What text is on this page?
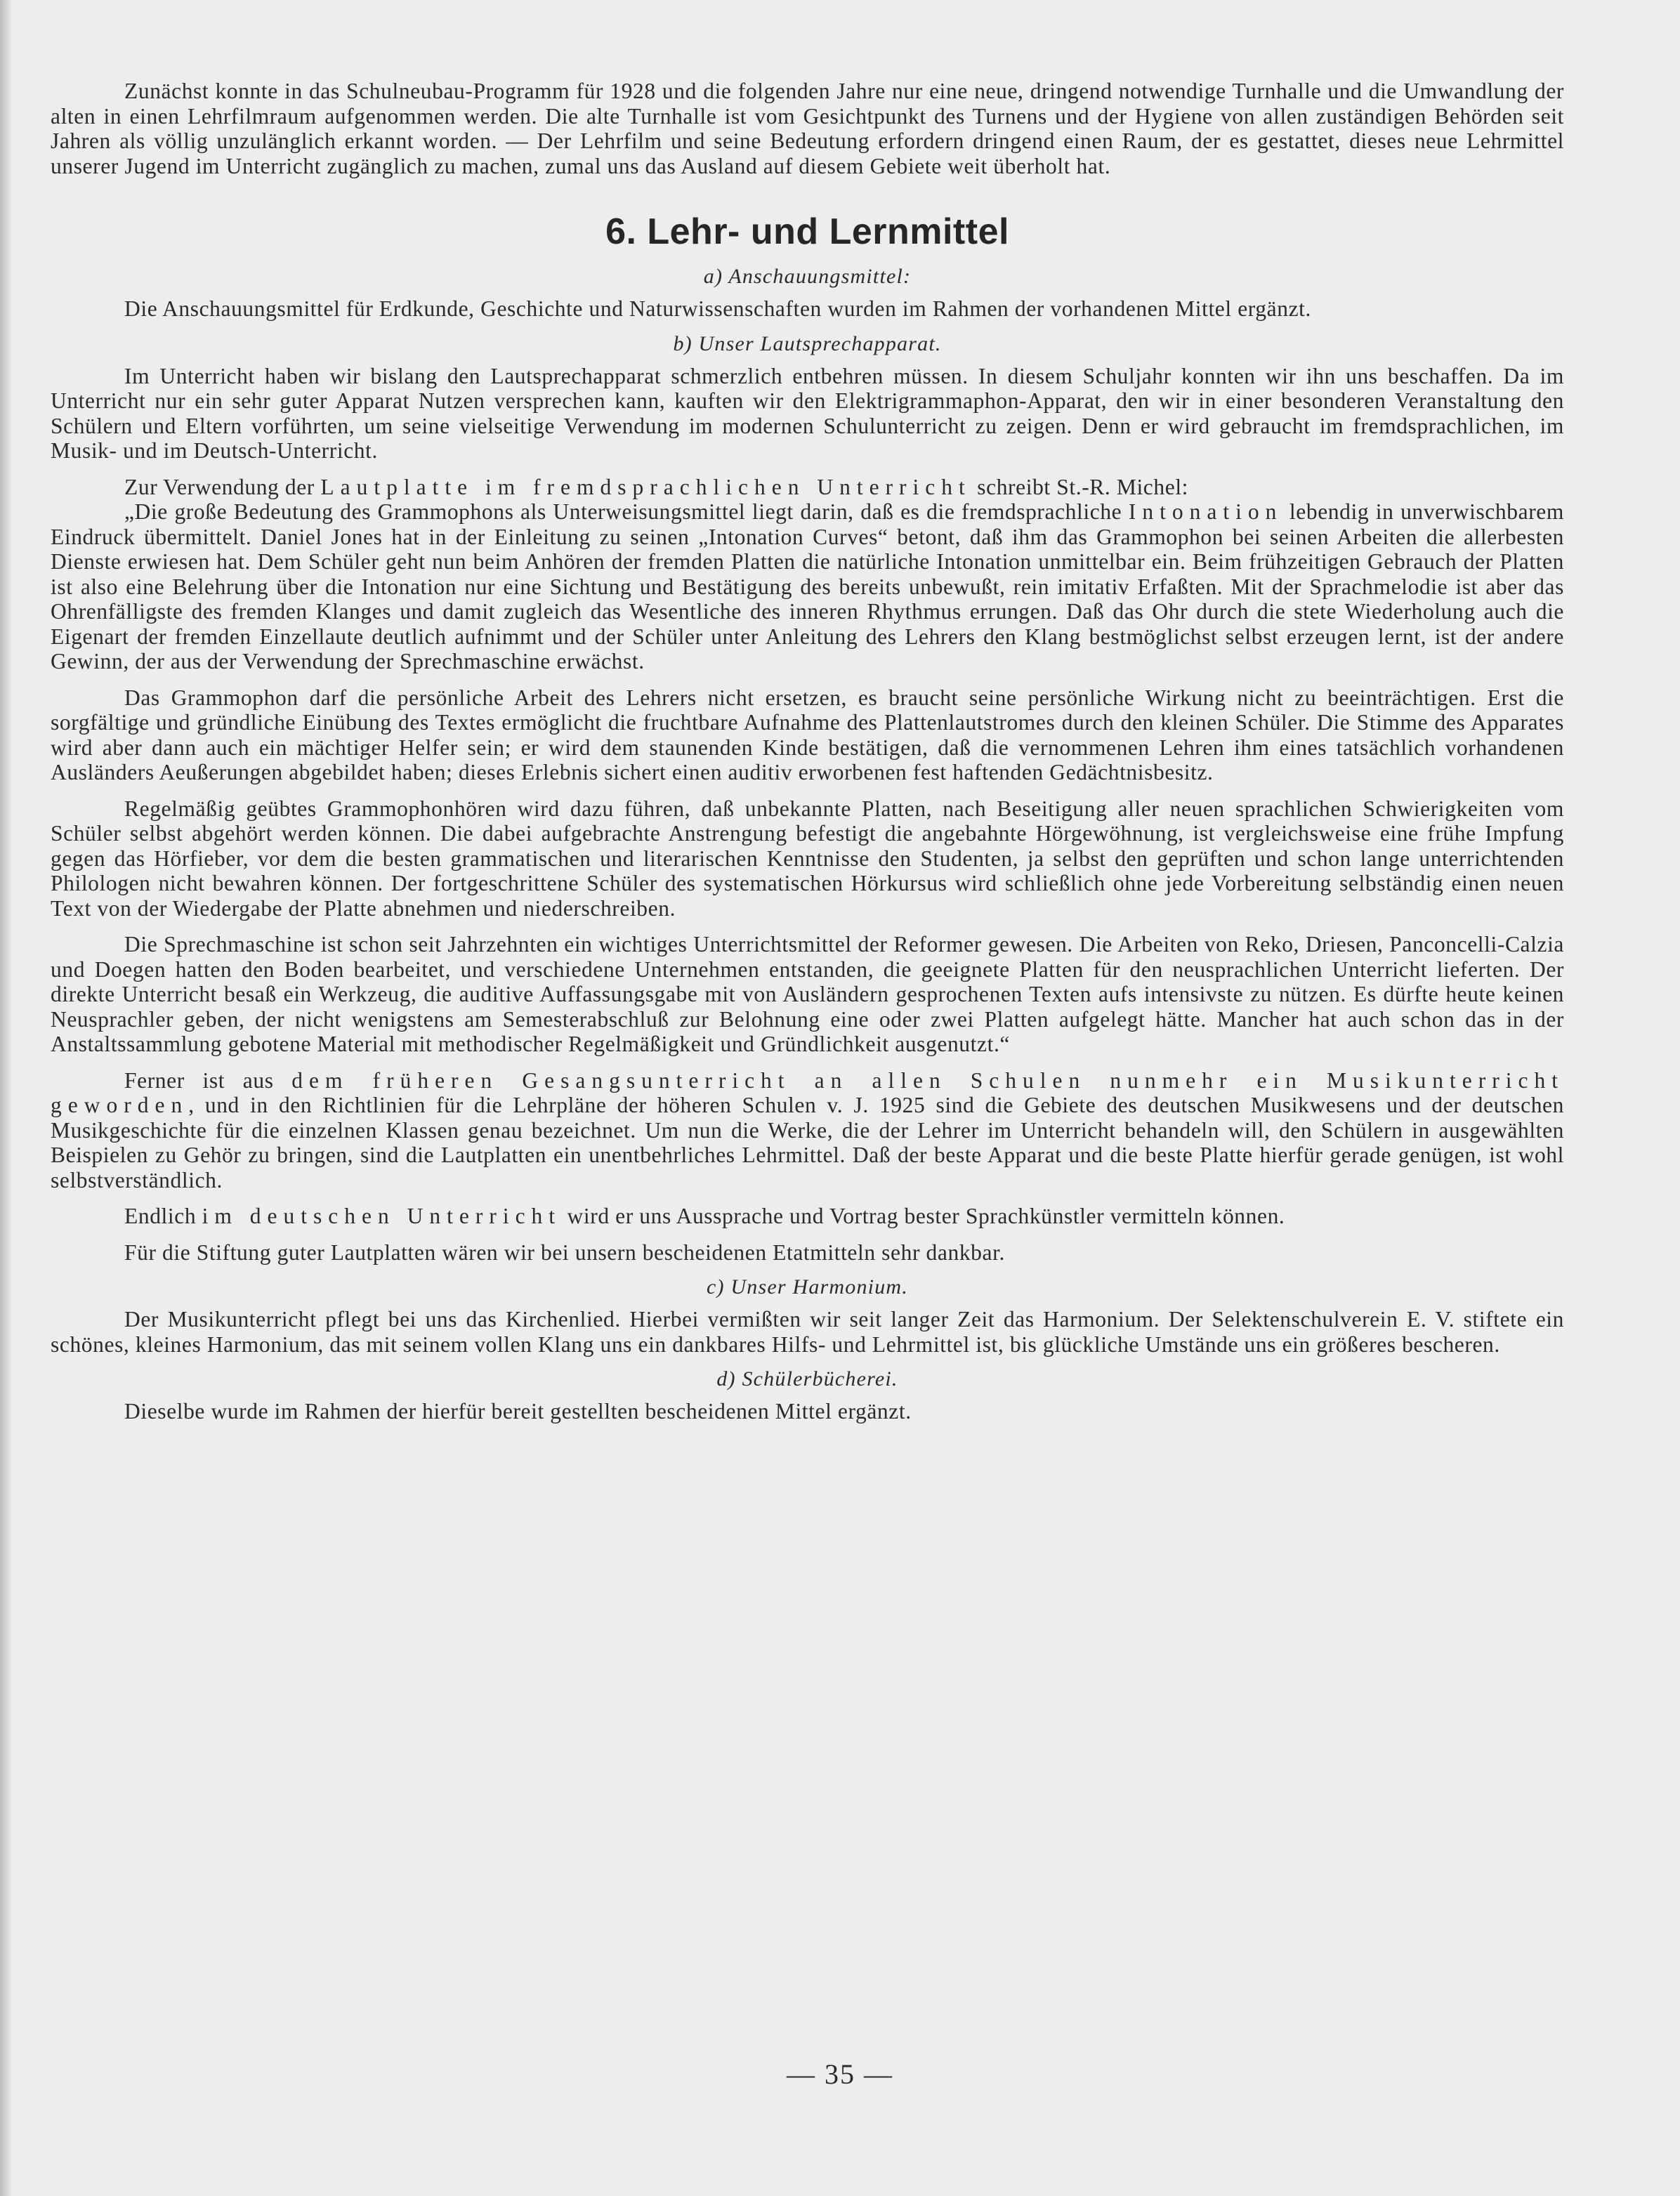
Zunächst konnte in das Schulneubau-Programm für 1928 und die folgenden Jahre nur eine neue, dringend notwendige Turnhalle und die Umwandlung der alten in einen Lehrfilmraum aufgenommen werden. Die alte Turnhalle ist vom Gesichtpunkt des Turnens und der Hygiene von allen zuständigen Behörden seit Jahren als völlig unzulänglich erkannt worden. — Der Lehrfilm und seine Bedeutung erfordern dringend einen Raum, der es gestattet, dieses neue Lehrmittel unserer Jugend im Unterricht zugänglich zu machen, zumal uns das Ausland auf diesem Gebiete weit überholt hat.

6. Lehr- und Lernmittel
a) Anschauungsmittel:

Die Anschauungsmittel für Erdkunde, Geschichte und Naturwissenschaften wurden im Rahmen der vorhandenen Mittel ergänzt.

b) Unser Lautsprechapparat.

Im Unterricht haben wir bislang den Lautsprechapparat schmerzlich entbehren müssen. In diesem Schuljahr konnten wir ihn uns beschaffen. Da im Unterricht nur ein sehr guter Apparat Nutzen versprechen kann, kauften wir den Elektrigrammaphon-Apparat, den wir in einer besonderen Veranstaltung den Schülern und Eltern vorführten, um seine vielseitige Verwendung im modernen Schulunterricht zu zeigen. Denn er wird gebraucht im fremdsprachlichen, im Musik- und im Deutsch-Unterricht.

Zur Verwendung der Lautplatte im fremdsprachlichen Unterricht schreibt St.-R. Michel:

„Die große Bedeutung des Grammophons als Unterweisungsmittel liegt darin, daß es die fremdsprachliche Intonation lebendig in unverwischbarem Eindruck übermittelt. Daniel Jones hat in der Einleitung zu seinen „Intonation Curves“ betont, daß ihm das Grammophon bei seinen Arbeiten die allerbesten Dienste erwiesen hat. Dem Schüler geht nun beim Anhören der fremden Platten die natürliche Intonation unmittelbar ein. Beim frühzeitigen Gebrauch der Platten ist also eine Belehrung über die Intonation nur eine Sichtung und Bestätigung des bereits unbewußt, rein imitativ Erfaßten. Mit der Sprachmelodie ist aber das Ohrenfälligste des fremden Klanges und damit zugleich das Wesentliche des inneren Rhythmus errungen. Daß das Ohr durch die stete Wiederholung auch die Eigenart der fremden Einzellaute deutlich aufnimmt und der Schüler unter Anleitung des Lehrers den Klang bestmöglichst selbst erzeugen lernt, ist der andere Gewinn, der aus der Verwendung der Sprechmaschine erwächst.

Das Grammophon darf die persönliche Arbeit des Lehrers nicht ersetzen, es braucht seine persönliche Wirkung nicht zu beeinträchtigen. Erst die sorgfältige und gründliche Einübung des Textes ermöglicht die fruchtbare Aufnahme des Plattenlautstromes durch den kleinen Schüler. Die Stimme des Apparates wird aber dann auch ein mächtiger Helfer sein; er wird dem staunenden Kinde bestätigen, daß die vernommenen Lehren ihm eines tatsächlich vorhandenen Ausländers Aeußerungen abgebildet haben; dieses Erlebnis sichert einen auditiv erworbenen fest haftenden Gedächtnisbesitz.

Regelmäßig geübtes Grammophonhören wird dazu führen, daß unbekannte Platten, nach Beseitigung aller neuen sprachlichen Schwierigkeiten vom Schüler selbst abgehört werden können. Die dabei aufgebrachte Anstrengung befestigt die angebahnte Hörgewöhnung, ist vergleichsweise eine frühe Impfung gegen das Hörfieber, vor dem die besten grammatischen und literarischen Kenntnisse den Studenten, ja selbst den geprüften und schon lange unterrichtenden Philologen nicht bewahren können. Der fortgeschrittene Schüler des systematischen Hörkursus wird schließlich ohne jede Vorbereitung selbständig einen neuen Text von der Wiedergabe der Platte abnehmen und niederschreiben.

Die Sprechmaschine ist schon seit Jahrzehnten ein wichtiges Unterrichtsmittel der Reformer gewesen. Die Arbeiten von Reko, Driesen, Panconcelli-Calzia und Doegen hatten den Boden bearbeitet, und verschiedene Unternehmen entstanden, die geeignete Platten für den neusprachlichen Unterricht lieferten. Der direkte Unterricht besaß ein Werkzeug, die auditive Auffassungsgabe mit von Ausländern gesprochenen Texten aufs intensivste zu nützen. Es dürfte heute keinen Neusprachler geben, der nicht wenigstens am Semesterabschluß zur Belohnung eine oder zwei Platten aufgelegt hätte. Mancher hat auch schon das in der Anstaltssammlung gebotene Material mit methodischer Regelmäßigkeit und Gründlichkeit ausgenutzt.“

Ferner ist aus dem früheren Gesangsunterricht an allen Schulen nunmehr ein Musikunterricht geworden, und in den Richtlinien für die Lehrpläne der höheren Schulen v. J. 1925 sind die Gebiete des deutschen Musikwesens und der deutschen Musikgeschichte für die einzelnen Klassen genau bezeichnet. Um nun die Werke, die der Lehrer im Unterricht behandeln will, den Schülern in ausgewählten Beispielen zu Gehör zu bringen, sind die Lautplatten ein unentbehrliches Lehrmittel. Daß der beste Apparat und die beste Platte hierfür gerade genügen, ist wohl selbstverständlich.

Endlich im deutschen Unterricht wird er uns Aussprache und Vortrag bester Sprachkünstler vermitteln können.

Für die Stiftung guter Lautplatten wären wir bei unsern bescheidenen Etatmitteln sehr dankbar.

c) Unser Harmonium.

Der Musikunterricht pflegt bei uns das Kirchenlied. Hierbei vermißten wir seit langer Zeit das Harmonium. Der Selektenschulverein E. V. stiftete ein schönes, kleines Harmonium, das mit seinem vollen Klang uns ein dankbares Hilfs- und Lehrmittel ist, bis glückliche Umstände uns ein größeres bescheren.

d) Schülerbücherei.

Dieselbe wurde im Rahmen der hierfür bereit gestellten bescheidenen Mittel ergänzt.

— 35 —
